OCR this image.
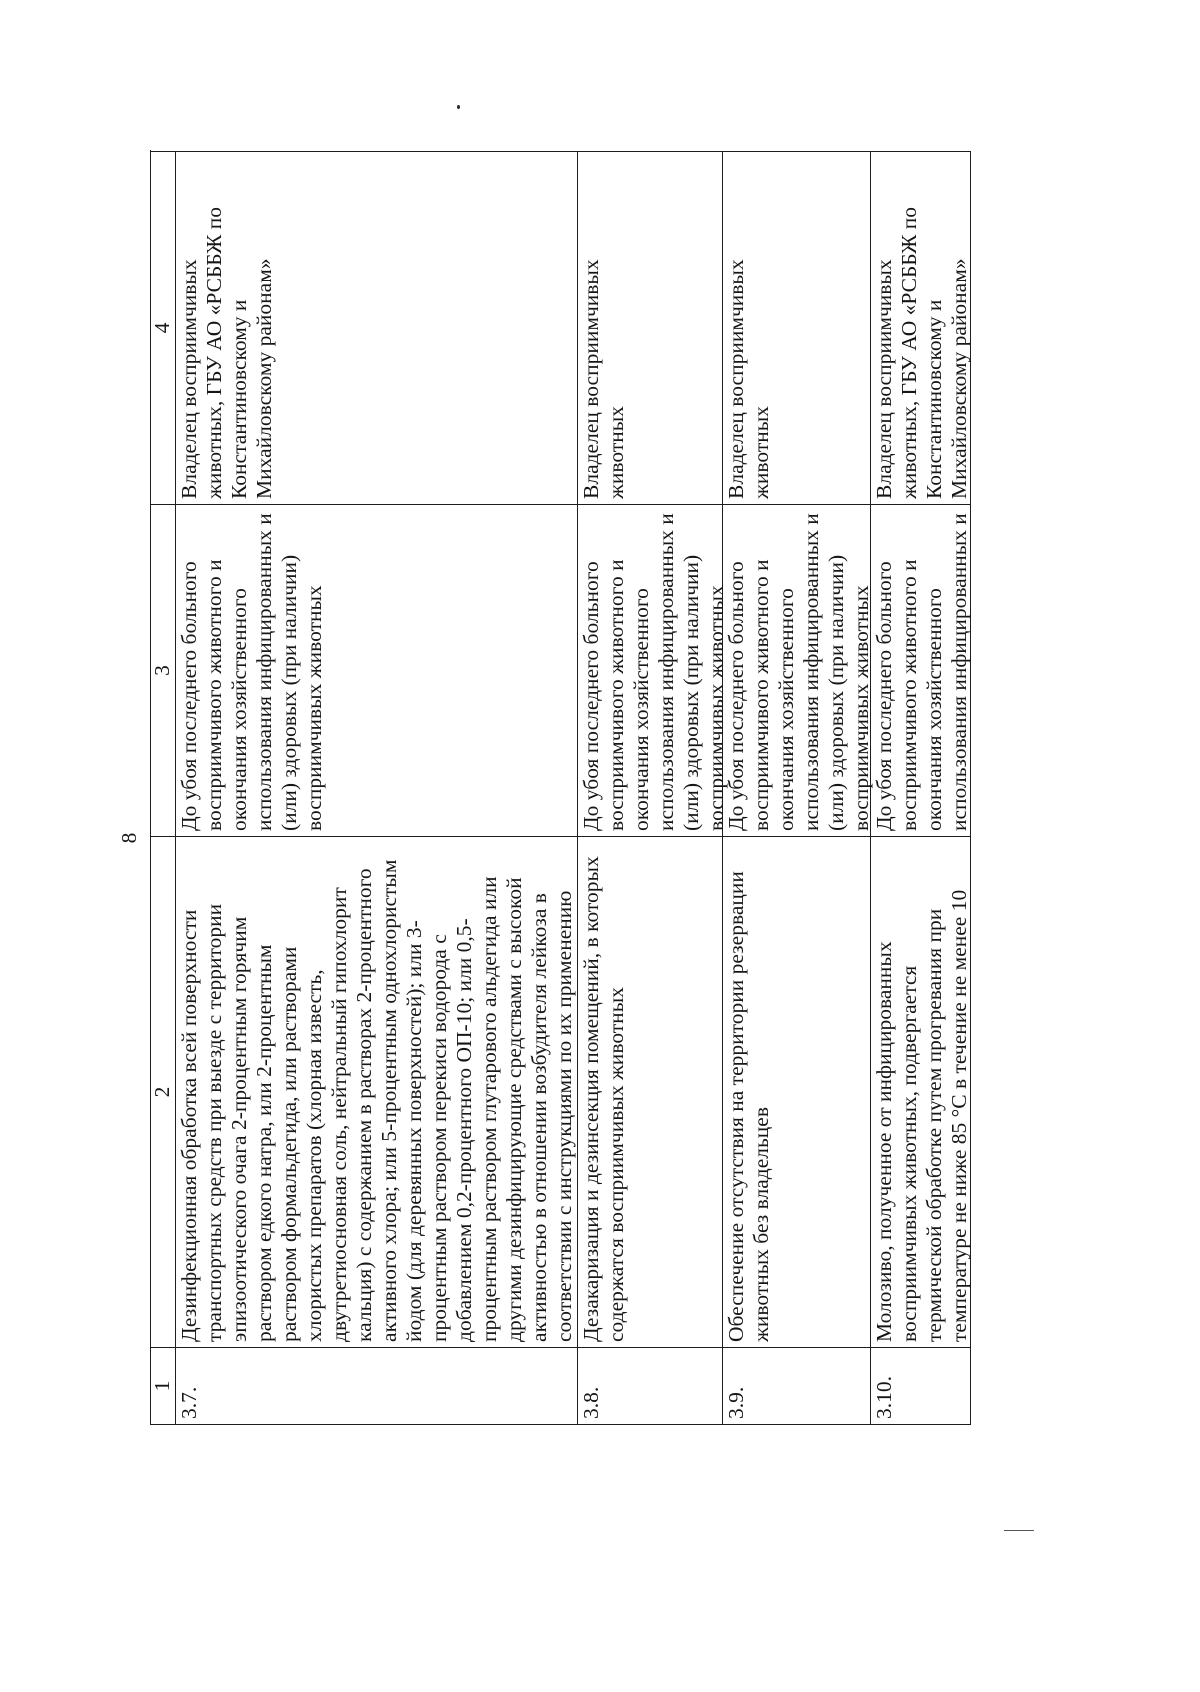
8
1
2
3
4
3.7.
Дезинфекционная обработка всей поверхности транспортных средств при выезде с территории эпизоотического очага 2-процентным горячим раствором едкого натра, или 2-процентным раствором формальдегида, или растворами хлористых препаратов (хлорная известь, двутретиосновная соль, нейтральный гипохлорит кальция) с содержанием в растворах 2-процентного активного хлора; или 5-процентным однохлористым йодом (для деревянных поверхностей); или 3- процентным раствором перекиси водорода с добавлением 0,2-процентного ОП-10; или 0,5- процентным раствором глутарового альдегида или другими дезинфицирующие средствами с высокой активностью в отношении возбудителя лейкоза в соответствии с инструкциями по их применению
До убоя последнего больного восприимчивого животного и окончания хозяйственного использования инфицированных и (или) здоровых (при наличии) восприимчивых животных
Владелец восприимчивых животных, ГБУ АО «РСББЖ по Константиновскому и Михайловскому районам»
3.8.
Дезакаризация и дезинсекция помещений, в которых содержатся восприимчивых животных
До убоя последнего больного восприимчивого животного и окончания хозяйственного использования инфицированных и (или) здоровых (при наличии) восприимчивых животных
Владелец восприимчивых животных
3.9.
Обеспечение отсутствия на территории резервации животных без владельцев
До убоя последнего больного восприимчивого животного и окончания хозяйственного использования инфицированных и (или) здоровых (при наличии) восприимчивых животных
Владелец восприимчивых животных
3.10.
Молозиво, полученное от инфицированных восприимчивых животных, подвергается термической обработке путем прогревания при температуре не ниже 85 °С в течение не менее 10
До убоя последнего больного восприимчивого животного и окончания хозяйственного использования инфицированных и
Владелец восприимчивых животных, ГБУ АО «РСББЖ по Константиновскому и Михайловскому районам»
